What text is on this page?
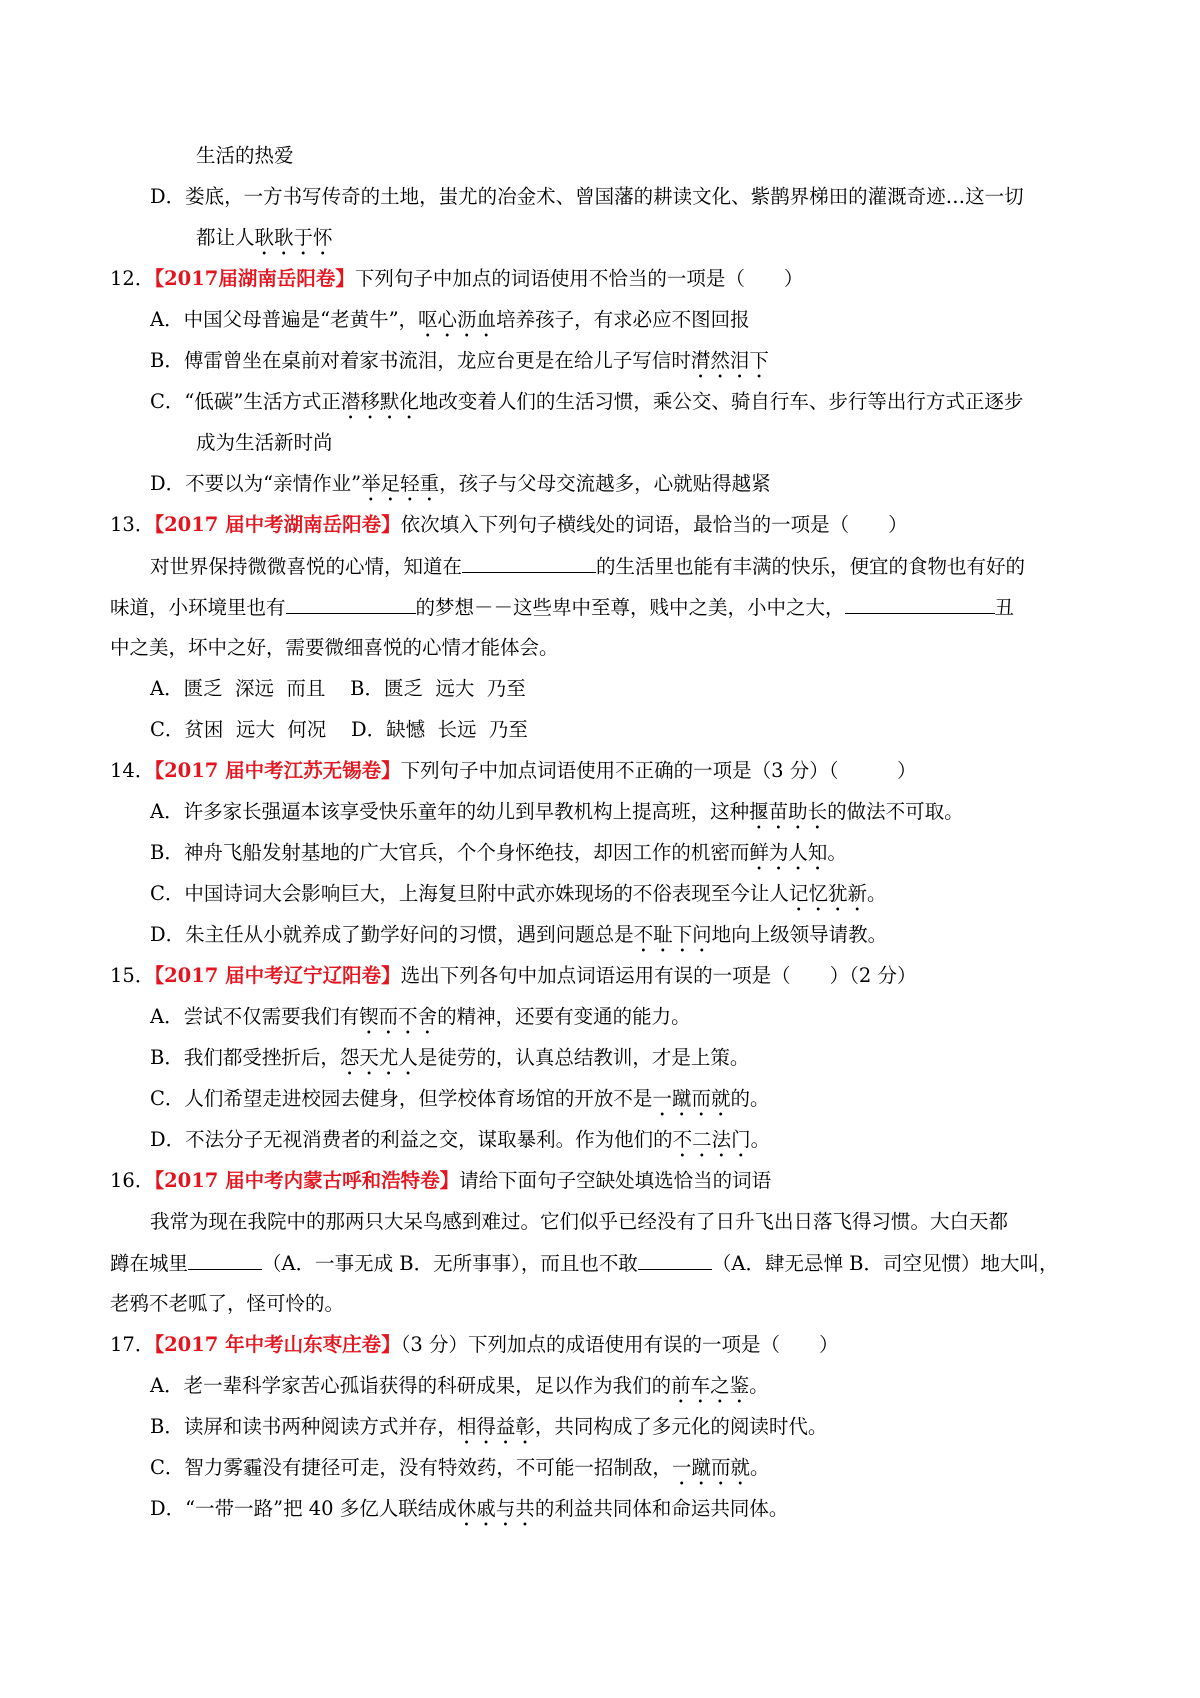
生活的热爱
D．娄底，一方书写传奇的土地，蚩尤的冶金术、曾国藩的耕读文化、紫鹊界梯田的灌溉奇迹…这一切
都让人耿耿于怀
12．【2017届湖南岳阳卷】下列句子中加点的词语使用不恰当的一项是（　　）
A．中国父母普遍是“老黄牛”，呕心沥血培养孩子，有求必应不图回报
B．傅雷曾坐在桌前对着家书流泪，龙应台更是在给儿子写信时潸然泪下
C．“低碳”生活方式正潜移默化地改变着人们的生活习惯，乘公交、骑自行车、步行等出行方式正逐步
成为生活新时尚
D．不要以为“亲情作业”举足轻重，孩子与父母交流越多，心就贴得越紧
13．【2017 届中考湖南岳阳卷】依次填入下列句子横线处的词语，最恰当的一项是（　　）
对世界保持微微喜悦的心情，知道在	的生活里也能有丰满的快乐，便宜的食物也有好的
味道，小环境里也有	的梦想－－这些卑中至尊，贱中之美，小中之大，	丑
中之美，坏中之好，需要微细喜悦的心情才能体会。
A．匮乏  深远  而且    B．匮乏  远大  乃至
C．贫困  远大  何况    D．缺憾  长远  乃至
14．【2017 届中考江苏无锡卷】下列句子中加点词语使用不正确的一项是（3 分）（　　　）
A．许多家长强逼本该享受快乐童年的幼儿到早教机构上提高班，这种揠苗助长的做法不可取。
B．神舟飞船发射基地的广大官兵，个个身怀绝技，却因工作的机密而鲜为人知。
C．中国诗词大会影响巨大，上海复旦附中武亦姝现场的不俗表现至今让人记忆犹新。
D．朱主任从小就养成了勤学好问的习惯，遇到问题总是不耻下问地向上级领导请教。
15．【2017 届中考辽宁辽阳卷】选出下列各句中加点词语运用有误的一项是（　　）（2 分）
A．尝试不仅需要我们有锲而不舍的精神，还要有变通的能力。
B．我们都受挫折后，怨天尤人是徒劳的，认真总结教训，才是上策。
C．人们希望走进校园去健身，但学校体育场馆的开放不是一蹴而就的。
D．不法分子无视消费者的利益之交，谋取暴利。作为他们的不二法门。
16．【2017 届中考内蒙古呼和浩特卷】请给下面句子空缺处填选恰当的词语
我常为现在我院中的那两只大呆鸟感到难过。它们似乎已经没有了日升飞出日落飞得习惯。大白天都
蹲在城里	（A．一事无成 B．无所事事），而且也不敢	（A．肆无忌惮 B．司空见惯）地大叫，
老鸦不老呱了，怪可怜的。
17．【2017 年中考山东枣庄卷】（3 分）下列加点的成语使用有误的一项是（　　）
A．老一辈科学家苦心孤诣获得的科研成果，足以作为我们的前车之鉴。
B．读屏和读书两种阅读方式并存，相得益彰，共同构成了多元化的阅读时代。
C．智力雾霾没有捷径可走，没有特效药，不可能一招制敌，一蹴而就。
D．“一带一路”把 40 多亿人联结成休戚与共的利益共同体和命运共同体。
